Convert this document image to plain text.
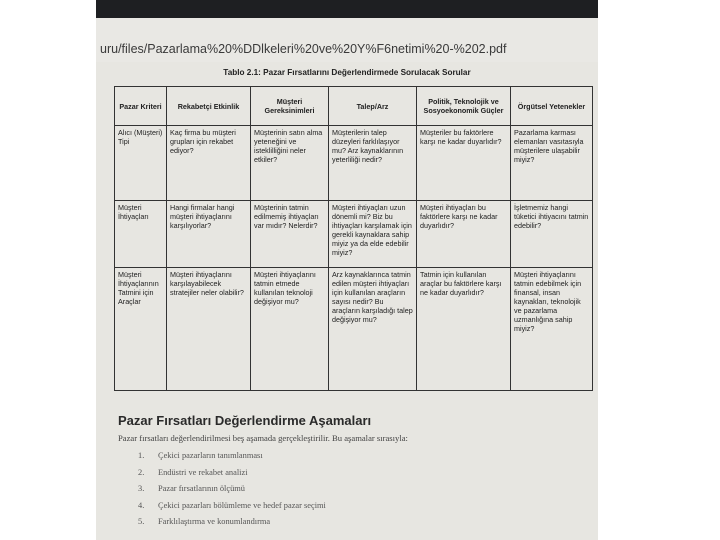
uru/files/Pazarlama%20%DDlkeleri%20ve%20Y%F6netimi%20-%202.pdf
Tablo 2.1: Pazar Fırsatlarını Değerlendirmede Sorulacak Sorular
Pazar Kriteri	Rekabetçi Etkinlik	Müşteri Gereksinimleri	Talep/Arz	Politik, Teknolojik ve Sosyoekonomik Güçler	Örgütsel Yetenekler
Alıcı (Müşteri) Tipi	Kaç firma bu müşteri grupları için rekabet ediyor?	Müşterinin satın alma yeteneğini ve isteklilliğini neler etkiler?	Müşterilerin talep düzeyleri farklılaşıyor mu? Arz kaynaklarının yeterliliği nedir?	Müşteriler bu faktörlere karşı ne kadar duyarlıdır?	Pazarlama karması elemanları vasıtasıyla müşterilere ulaşabilir miyiz?
Müşteri İhtiyaçları	Hangi firmalar hangi müşteri ihtiyaçlarını karşılıyorlar?	Müşterinin tatmin edilmemiş ihtiyaçları var mıdır? Nelerdir?	Müşteri ihtiyaçları uzun dönemli mi? Biz bu ihtiyaçları karşılamak için gerekli kaynaklara sahip miyiz ya da elde edebilir miyiz?	Müşteri ihtiyaçları bu faktörlere karşı ne kadar duyarlıdır?	İşletmemiz hangi tüketici ihtiyacını tatmin edebilir?
Müşteri İhtiyaçlarının Tatmini için Araçlar	Müşteri ihtiyaçlarını karşılayabilecek stratejiler neler olabilir?	Müşteri ihtiyaçlarını tatmin etmede kullanılan teknoloji değişiyor mu?	Arz kaynaklarınca tatmin edilen müşteri ihtiyaçları için kullanılan araçların sayısı nedir? Bu araçların karşıladığı talep değişiyor mu?	Tatmin için kullanılan araçlar bu faktörlere karşı ne kadar duyarlıdır?	Müşteri ihtiyaçlarını tatmin edebilmek için finansal, insan kaynakları, teknolojik ve pazarlama uzmanlığına sahip miyiz?
Pazar Fırsatları Değerlendirme Aşamaları
Pazar fırsatları değerlendirilmesi beş aşamada gerçekleştirilir. Bu aşamalar sırasıyla:
1.	Çekici pazarların tanımlanması
2.	Endüstri ve rekabet analizi
3.	Pazar fırsatlarının ölçümü
4.	Çekici pazarları bölümleme ve hedef pazar seçimi
5.	Farklılaştırma ve konumlandırma
